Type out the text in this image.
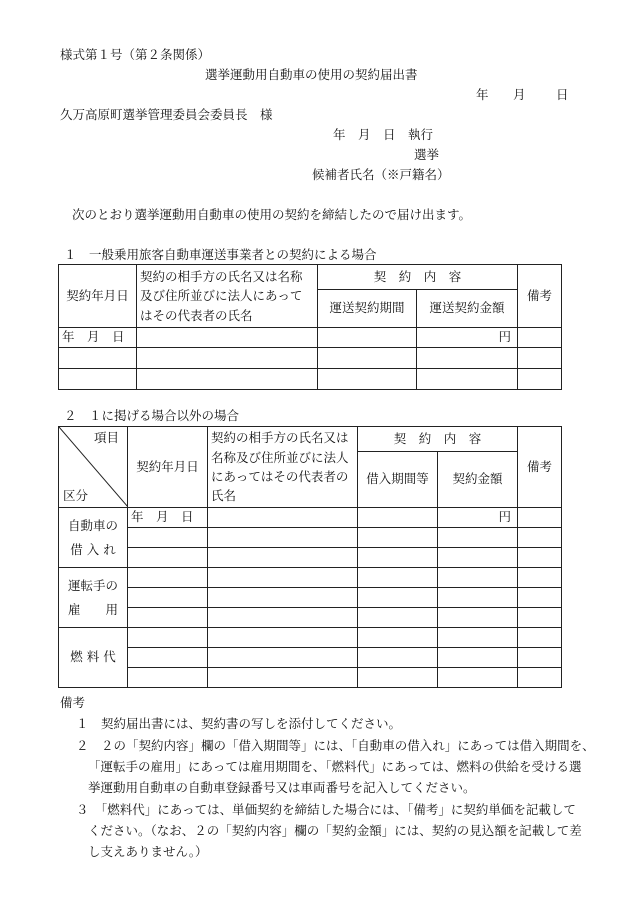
様式第１号（第２条関係）
選挙運動用自動車の使用の契約届出書
年 月 日
久万高原町選挙管理委員会委員長　様
年　月　日　執行
選挙
候補者氏名（※戸籍名）
次のとおり選挙運動用自動車の使用の契約を締結したので届け出ます。
１　一般乗用旅客自動車運送事業者との契約による場合
契約年月日	契約の相手方の氏名又は名称及び住所並びに法人にあってはその代表者の氏名	契　約　内　容		備考
		運送契約期間	運送契約金額	
年　月　日			円	

２　１に掲げる場合以外の場合
項目
区分	契約年月日	契約の相手方の氏名又は名称及び住所並びに法人にあってはその代表者の氏名	契　約　内　容		備考
			借入期間等	契約金額	
自動車の
借 入 れ	年　月　日			円	

運転手の
雇　　用					

燃 料 代					

備考
１　契約届出書には、契約書の写しを添付してください。
２　２の「契約内容」欄の「借入期間等」には、「自動車の借入れ」にあっては借入期間を、
「運転手の雇用」にあっては雇用期間を、「燃料代」にあっては、燃料の供給を受ける選
挙運動用自動車の自動車登録番号又は車両番号を記入してください。
３　「燃料代」にあっては、単価契約を締結した場合には、「備考」に契約単価を記載して
ください。（なお、２の「契約内容」欄の「契約金額」には、契約の見込額を記載して差
し支えありません。）
